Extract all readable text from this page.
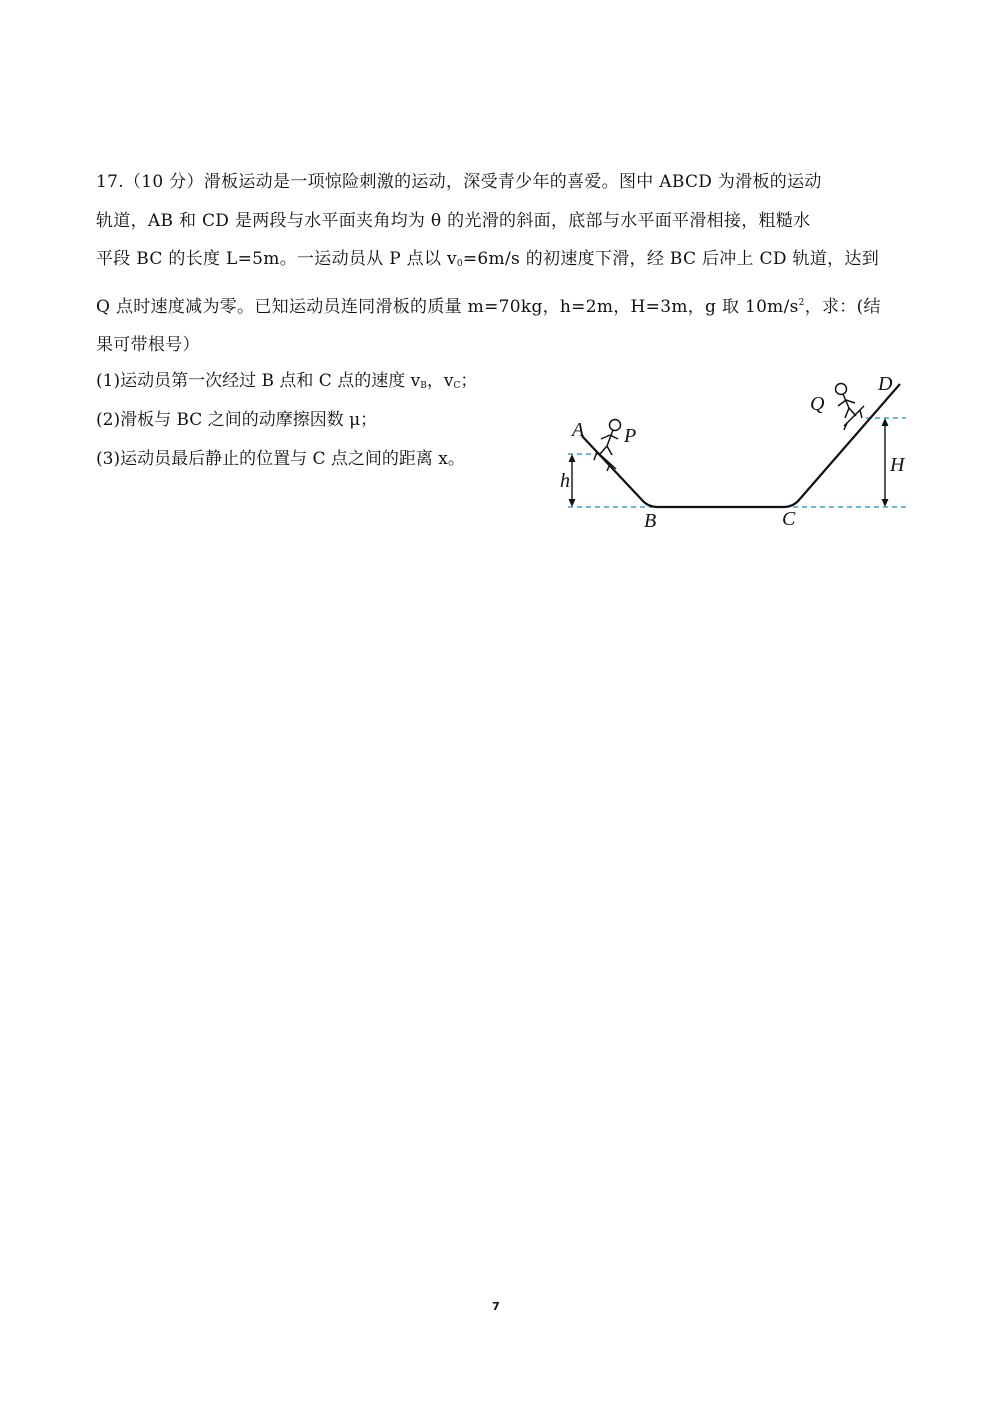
17.（10 分）滑板运动是一项惊险刺激的运动，深受青少年的喜爱。图中 ABCD 为滑板的运动
轨道，AB 和 CD 是两段与水平面夹角均为 θ 的光滑的斜面，底部与水平面平滑相接，粗糙水
平段 BC 的长度 L=5m。一运动员从 P 点以 $v_0=6m/s$ 的初速度下滑，经 BC 后冲上 CD 轨道，达到
Q 点时速度减为零。已知运动员连同滑板的质量 m=70kg，h=2m，H=3m，g 取 $10m/s^2$，求：(结
果可带根号）
(1)运动员第一次经过 B 点和 C 点的速度 $v_B$，$v_C$；
(2)滑板与 BC 之间的动摩擦因数 μ；
(3)运动员最后静止的位置与 C 点之间的距离 x。
A P
h
B	C
Q
D
H
7
